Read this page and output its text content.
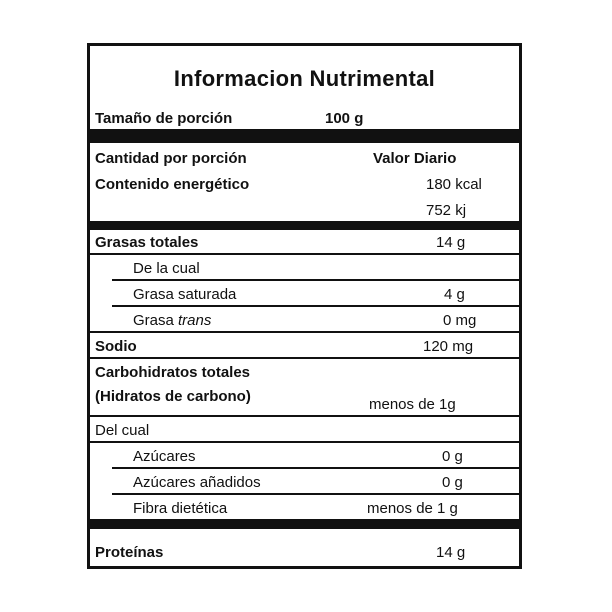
Informacion Nutrimental
Tamaño de porción	100 g
Cantidad por porción	Valor Diario
Contenido energético	180 kcal
752 kj
Grasas totales	14 g
De la cual
Grasa saturada	4 g
Grasa trans	0 mg
Sodio	120 mg
Carbohidratos totales
(Hidratos de carbono)	menos de 1g
Del cual
Azúcares	0 g
Azúcares añadidos	0 g
Fibra dietética	menos de 1 g
Proteínas	14 g
